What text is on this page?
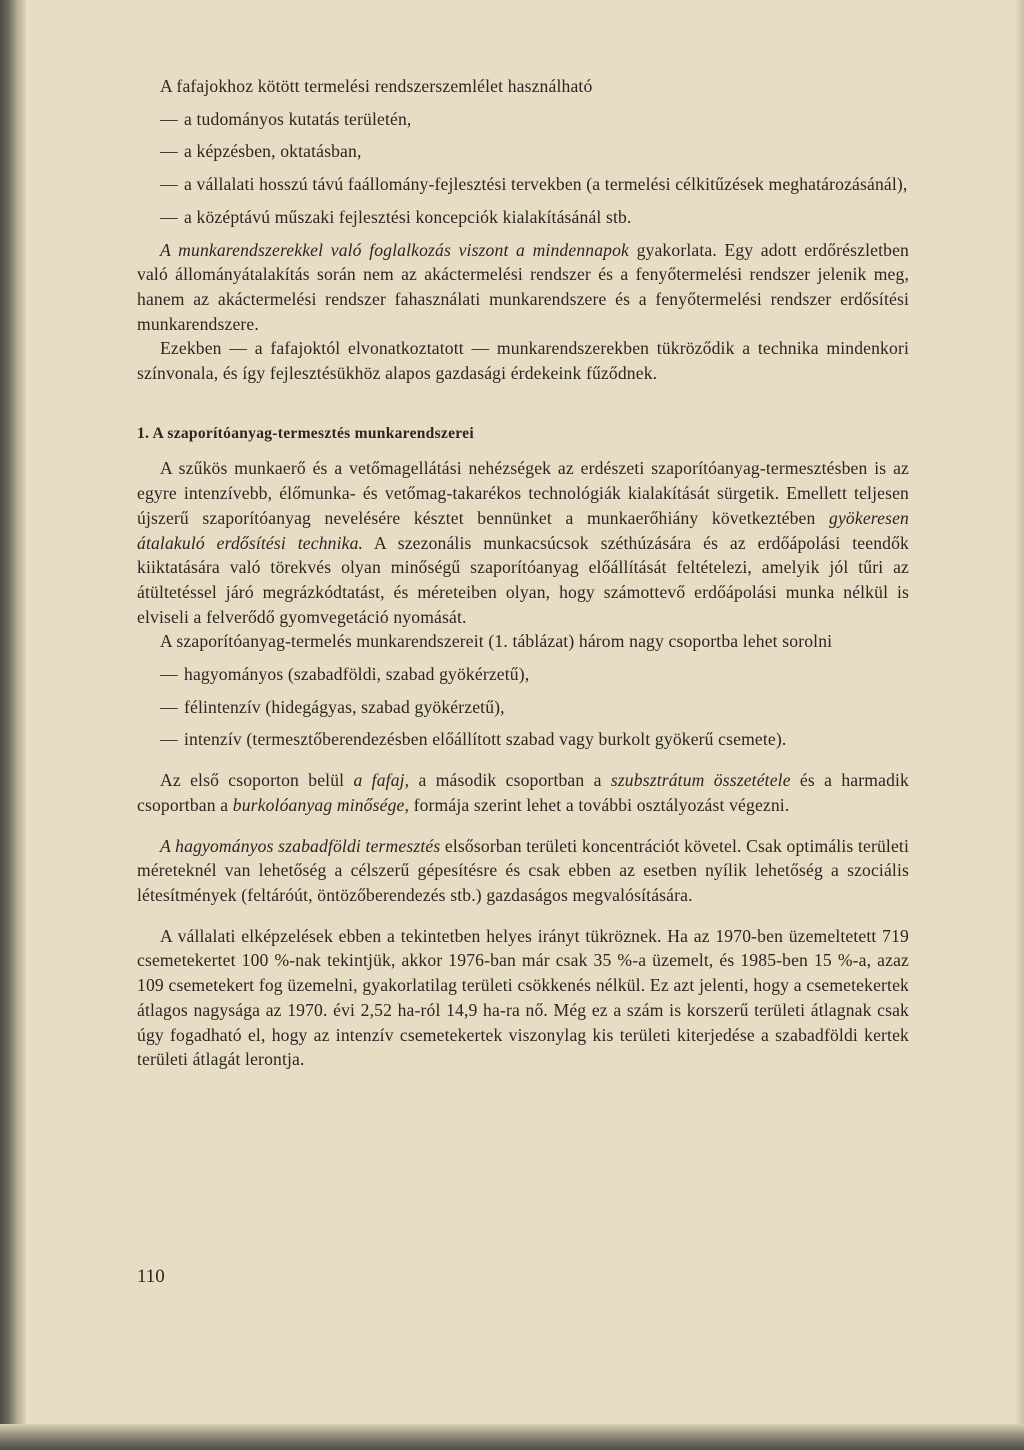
A fafajokhoz kötött termelési rendszerszemlélet használható

— a tudományos kutatás területén,
— a képzésben, oktatásban,
— a vállalati hosszú távú faállomány-fejlesztési tervekben (a termelési célkitűzések meghatározásánál),
— a középtávú műszaki fejlesztési koncepciók kialakításánál stb.

A munkarendszerekkel való foglalkozás viszont a mindennapok gyakorlata. Egy adott erdőrészletben való állományátalakítás során nem az akáctermelési rendszer és a fenyőtermelési rendszer jelenik meg, hanem az akáctermelési rendszer fahasználati munkarendszere és a fenyőtermelési rendszer erdősítési munkarendszere.

Ezekben — a fafajoktól elvonatkoztatott — munkarendszerekben tükröződik a technika mindenkori színvonala, és így fejlesztésükhöz alapos gazdasági érdekeink fűződnek.

1. A szaporítóanyag-termesztés munkarendszerei

A szűkös munkaerő és a vetőmagellátási nehézségek az erdészeti szaporítóanyag-termesztésben is az egyre intenzívebb, élőmunka- és vetőmag-takarékos technológiák kialakítását sürgetik. Emellett teljesen újszerű szaporítóanyag nevelésére késztet bennünket a munkaerőhiány következtében gyökeresen átalakuló erdősítési technika. A szezonális munkacsúcsok széthúzására és az erdőápolási teendők kiiktatására való törekvés olyan minőségű szaporítóanyag előállítását feltételezi, amelyik jól tűri az átültetéssel járó megrázkódtatást, és méreteiben olyan, hogy számottevő erdőápolási munka nélkül is elviseli a felverődő gyomvegetáció nyomását.

A szaporítóanyag-termelés munkarendszereit (1. táblázat) három nagy csoportba lehet sorolni

— hagyományos (szabadföldi, szabad gyökérzetű),
— félintenzív (hidegágyas, szabad gyökérzetű),
— intenzív (termesztőberendezésben előállított szabad vagy burkolt gyökerű csemete).

Az első csoporton belül a fafaj, a második csoportban a szubsztrátum összetétele és a harmadik csoportban a burkolóanyag minősége, formája szerint lehet a további osztályozást végezni.

A hagyományos szabadföldi termesztés elsősorban területi koncentrációt követel. Csak optimális területi méreteknél van lehetőség a célszerű gépesítésre és csak ebben az esetben nyílik lehetőség a szociális létesítmények (feltáróút, öntözőberendezés stb.) gazdaságos megvalósítására.

A vállalati elképzelések ebben a tekintetben helyes irányt tükröznek. Ha az 1970-ben üzemeltetett 719 csemetekertet 100 %-nak tekintjük, akkor 1976-ban már csak 35 %-a üzemelt, és 1985-ben 15 %-a, azaz 109 csemetekert fog üzemelni, gyakorlatilag területi csökkenés nélkül. Ez azt jelenti, hogy a csemetekertek átlagos nagysága az 1970. évi 2,52 ha-ról 14,9 ha-ra nő. Még ez a szám is korszerű területi átlagnak csak úgy fogadható el, hogy az intenzív csemetekertek viszonylag kis területi kiterjedése a szabadföldi kertek területi átlagát lerontja.

110
